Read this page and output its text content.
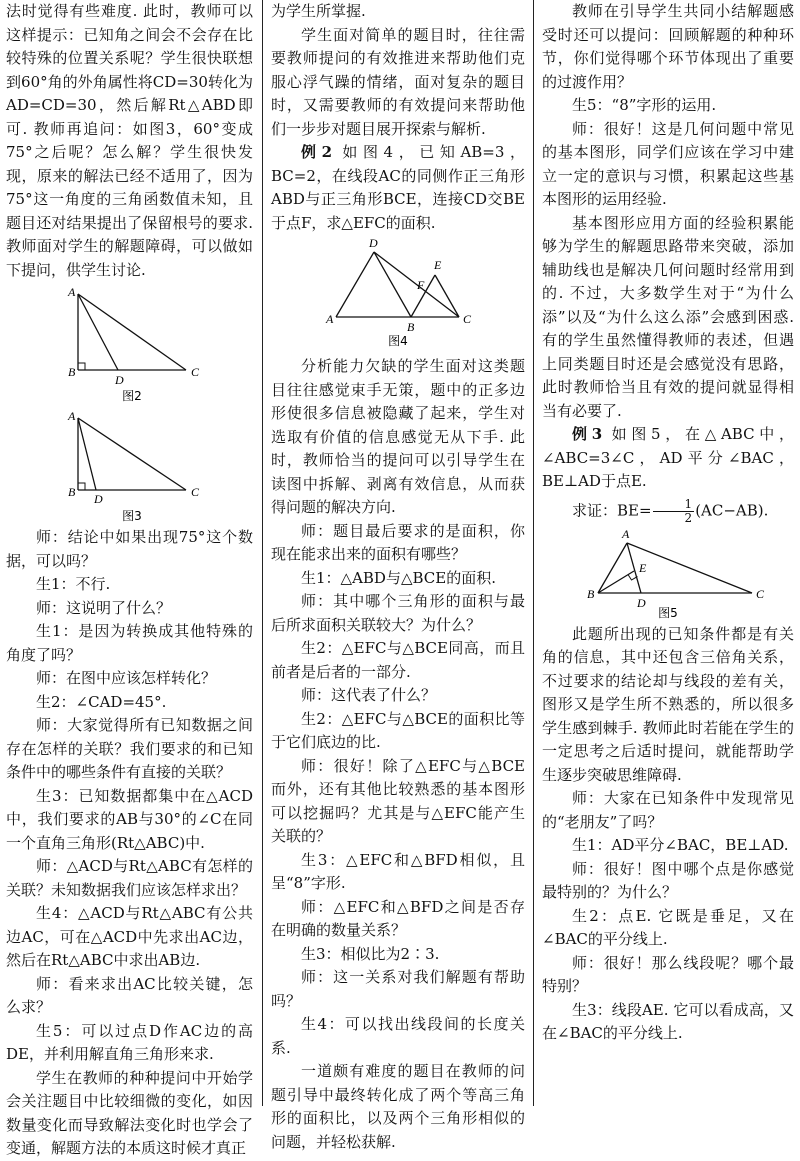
法时觉得有些难度. 此时，教师可以这样提示：已知角之间会不会存在比较特殊的位置关系呢？学生很快联想到60°角的外角属性将CD=30转化为AD=CD=30，然后解Rt△ABD即可. 教师再追问：如图3，60°变成75°之后呢？怎么解？学生很快发现，原来的解法已经不适用了，因为75°这一角度的三角函数值未知，且题目还对结果提出了保留根号的要求. 教师面对学生的解题障碍，可以做如下提问，供学生讨论.

A
B
D
C
图2
A
B D	C
图3

师：结论中如果出现75°这个数据，可以吗？

生1：不行.

师：这说明了什么？

生1：是因为转换成其他特殊的角度了吗？

师：在图中应该怎样转化？

生2：∠CAD=45°.

师：大家觉得所有已知数据之间存在怎样的关联？我们要求的和已知条件中的哪些条件有直接的关联？

生3：已知数据都集中在△ACD中，我们要求的AB与30°的∠C在同一个直角三角形(Rt△ABC)中.

师：△ACD与Rt△ABC有怎样的关联？未知数据我们应该怎样求出？

生4：△ACD与Rt△ABC有公共边AC，可在△ACD中先求出AC边，然后在Rt△ABC中求出AB边.

师：看来求出AC比较关键，怎么求？

生5：可以过点D作AC边的高DE，并利用解直角三角形来求.

学生在教师的种种提问中开始学会关注题目中比较细微的变化，如因数量变化而导致解法变化时也学会了变通，解题方法的本质这时候才真正

为学生所掌握.

学生面对简单的题目时，往往需要教师提问的有效推进来帮助他们克服心浮气躁的情绪，面对复杂的题目时，又需要教师的有效提问来帮助他们一步步对题目展开探索与解析.

例2 如图4，已知AB=3，BC=2，在线段AC的同侧作正三角形ABD与正三角形BCE，连接CD交BE于点F，求△EFC的面积.

D
E
F
A
B
C
图4

分析能力欠缺的学生面对这类题目往往感觉束手无策，题中的正多边形使很多信息被隐藏了起来，学生对选取有价值的信息感觉无从下手. 此时，教师恰当的提问可以引导学生在读图中拆解、剥离有效信息，从而获得问题的解决方向.

师：题目最后要求的是面积，你现在能求出来的面积有哪些？

生1：△ABD与△BCE的面积.

师：其中哪个三角形的面积与最后所求面积关联较大？为什么？

生2：△EFC与△BCE同高，而且前者是后者的一部分.

师：这代表了什么？

生2：△EFC与△BCE的面积比等于它们底边的比.

师：很好！除了△EFC与△BCE而外，还有其他比较熟悉的基本图形可以挖掘吗？尤其是与△EFC能产生关联的？

生3：△EFC和△BFD相似，且呈“8”字形.

师：△EFC和△BFD之间是否存在明确的数量关系？

生3：相似比为2∶3.

师：这一关系对我们解题有帮助吗？

生4：可以找出线段间的长度关系.

一道颇有难度的题目在教师的问题引导中最终转化成了两个等高三角形的面积比，以及两个三角形相似的问题，并轻松获解.

教师在引导学生共同小结解题感受时还可以提问：回顾解题的种种环节，你们觉得哪个环节体现出了重要的过渡作用？

生5：“8”字形的运用.

师：很好！这是几何问题中常见的基本图形，同学们应该在学习中建立一定的意识与习惯，积累起这些基本图形的运用经验.

基本图形应用方面的经验积累能够为学生的解题思路带来突破，添加辅助线也是解决几何问题时经常用到的. 不过，大多数学生对于“为什么添”以及“为什么这么添”会感到困惑. 有的学生虽然懂得教师的表述，但遇上同类题目时还是会感觉没有思路，此时教师恰当且有效的提问就显得相当有必要了.

例3 如图5，在△ABC中，∠ABC=3∠C，AD平分∠BAC，BE⊥AD于点E.

求证：$BE= \frac{1}{2} (AC-AB)$.

A
E
B
D
C
图5

此题所出现的已知条件都是有关角的信息，其中还包含三倍角关系，不过要求的结论却与线段的差有关，图形又是学生所不熟悉的，所以很多学生感到棘手. 教师此时若能在学生的一定思考之后适时提问，就能帮助学生逐步突破思维障碍.

师：大家在已知条件中发现常见的“老朋友”了吗？

生1：AD平分∠BAC，BE⊥AD.

师：很好！图中哪个点是你感觉最特别的？为什么？

生2：点E. 它既是垂足，又在∠BAC的平分线上.

师：很好！那么线段呢？哪个最特别？

生3：线段AE. 它可以看成高，又在∠BAC的平分线上.
